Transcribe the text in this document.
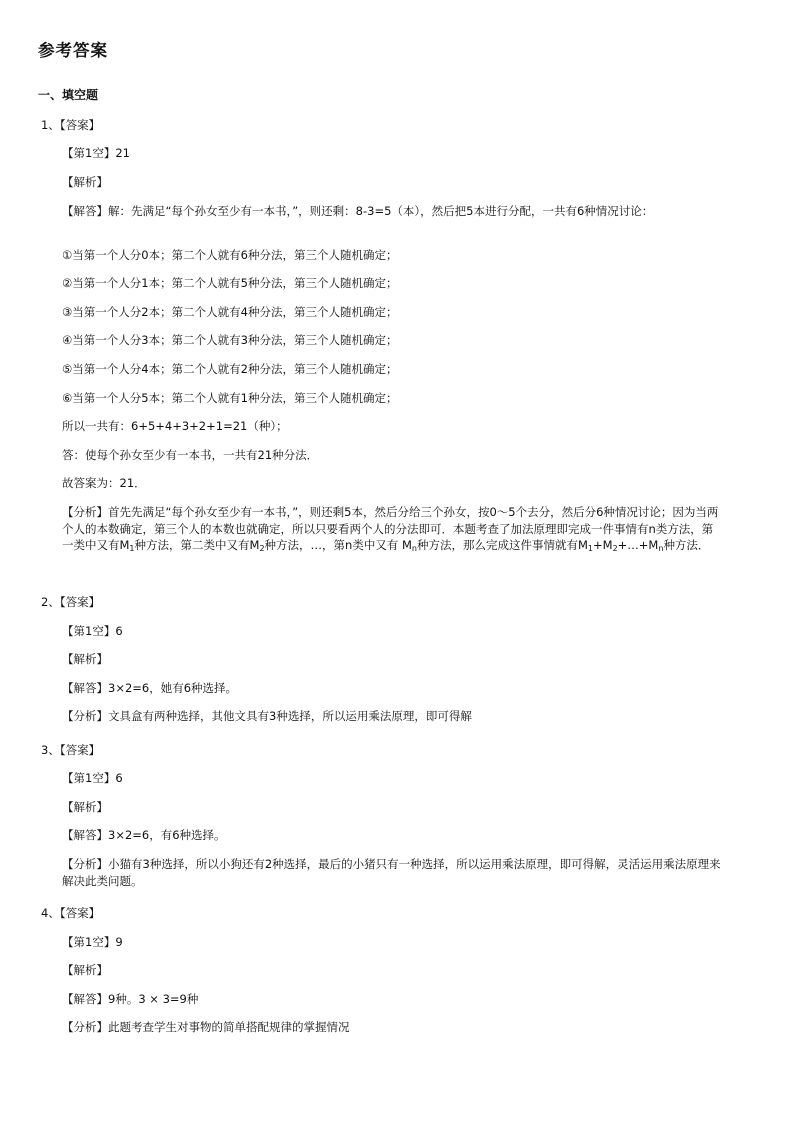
参考答案
一、填空题
1、【答案】
【第1空】21
【解析】
【解答】解：先满足“每个孙女至少有一本书，”，则还剩：8-3=5（本），然后把5本进行分配，一共有6种情况讨论：
①当第一个人分0本；第二个人就有6种分法，第三个人随机确定；
②当第一个人分1本；第二个人就有5种分法，第三个人随机确定；
③当第一个人分2本；第二个人就有4种分法，第三个人随机确定；
④当第一个人分3本；第二个人就有3种分法，第三个人随机确定；
⑤当第一个人分4本；第二个人就有2种分法，第三个人随机确定；
⑥当第一个人分5本；第二个人就有1种分法，第三个人随机确定；
所以一共有：6+5+4+3+2+1=21（种）；
答：使每个孙女至少有一本书，一共有21种分法．
故答案为：21．
【分析】首先先满足“每个孙女至少有一本书，”，则还剩5本，然后分给三个孙女，按0～5个去分，然后分6种情况讨论；因为当两个人的本数确定，第三个人的本数也就确定，所以只要看两个人的分法即可．本题考查了加法原理即完成一件事情有n类方法，第一类中又有$M_1$种方法，第二类中又有$M_2$种方法，…，第n类中又有 $M_n$种方法，那么完成这件事情就有$M_1+M_2+\dots+M_n$种方法．
2、【答案】
【第1空】6
【解析】
【解答】3×2=6，她有6种选择。
【分析】文具盒有两种选择，其他文具有3种选择，所以运用乘法原理，即可得解
3、【答案】
【第1空】6
【解析】
【解答】3×2=6，有6种选择。
【分析】小猫有3种选择，所以小狗还有2种选择，最后的小猪只有一种选择，所以运用乘法原理，即可得解，灵活运用乘法原理来解决此类问题。
4、【答案】
【第1空】9
【解析】
【解答】9种。3 × 3=9种
【分析】此题考查学生对事物的简单搭配规律的掌握情况
